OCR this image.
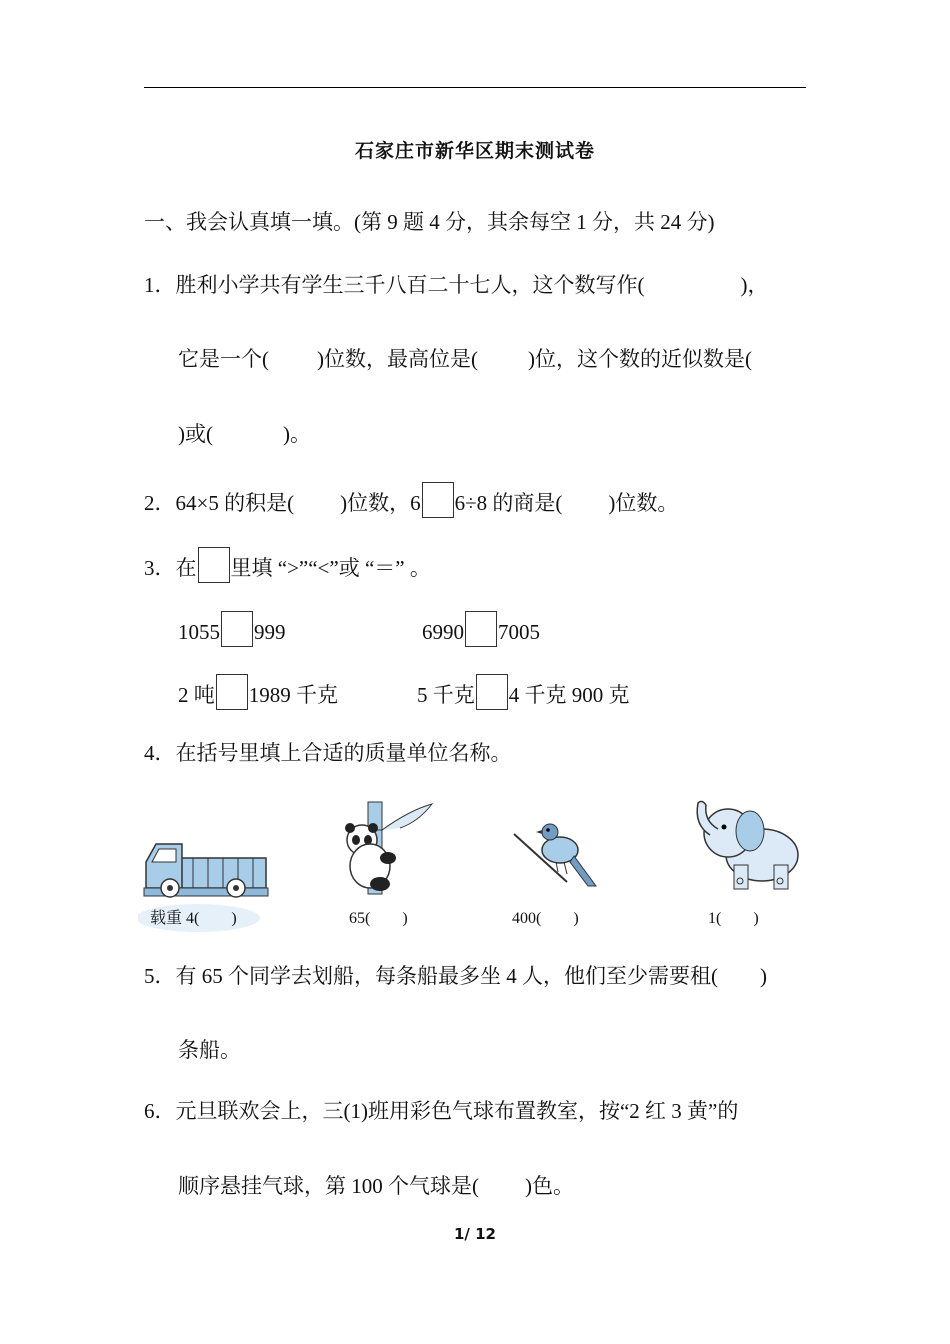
石家庄市新华区期末测试卷
一、我会认真填一填。(第 9 题 4 分，其余每空 1 分，共 24 分)
1．胜利小学共有学生三千八百二十七人，这个数写作(	)，
它是一个( )位数，最高位是( )位，这个数的近似数是(
)或(	)。
2．64×5 的积是( )位数，6 6÷8 的商是( )位数。
3．在 里填 “>”“<”或 “＝” 。
1055 999	6990 7005
2 吨 1989 千克	5 千克 4 千克 900 克
4．在括号里填上合适的质量单位名称。
载重 4(　　)	65(　　)	400(　　)	1(　　)
5．有 65 个同学去划船，每条船最多坐 4 人，他们至少需要租( )
条船。
6．元旦联欢会上，三(1)班用彩色气球布置教室，按“2 红 3 黄”的
顺序悬挂气球，第 100 个气球是( )色。
1/ 12
